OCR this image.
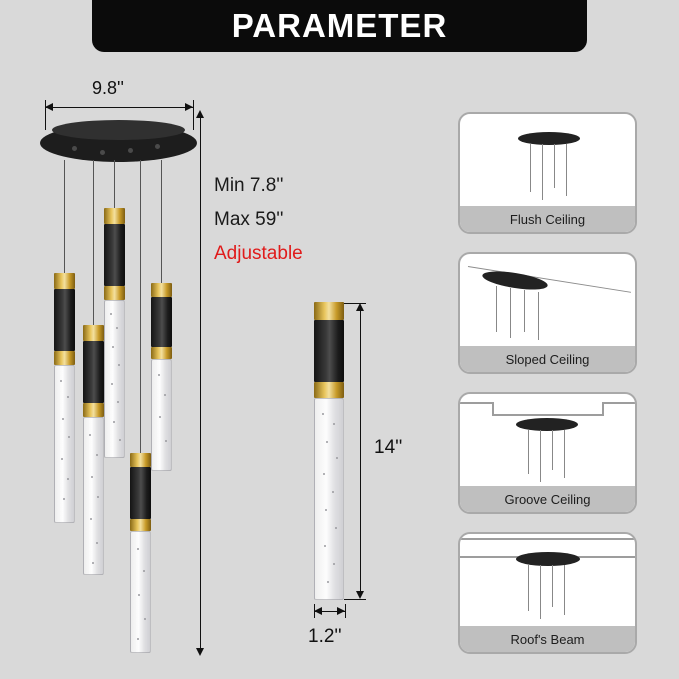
PARAMETER
9.8''
Min 7.8''
Max 59''
Adjustable
14''
1.2''
Flush Ceiling
Sloped Ceiling
Groove Ceiling
Roof's Beam
